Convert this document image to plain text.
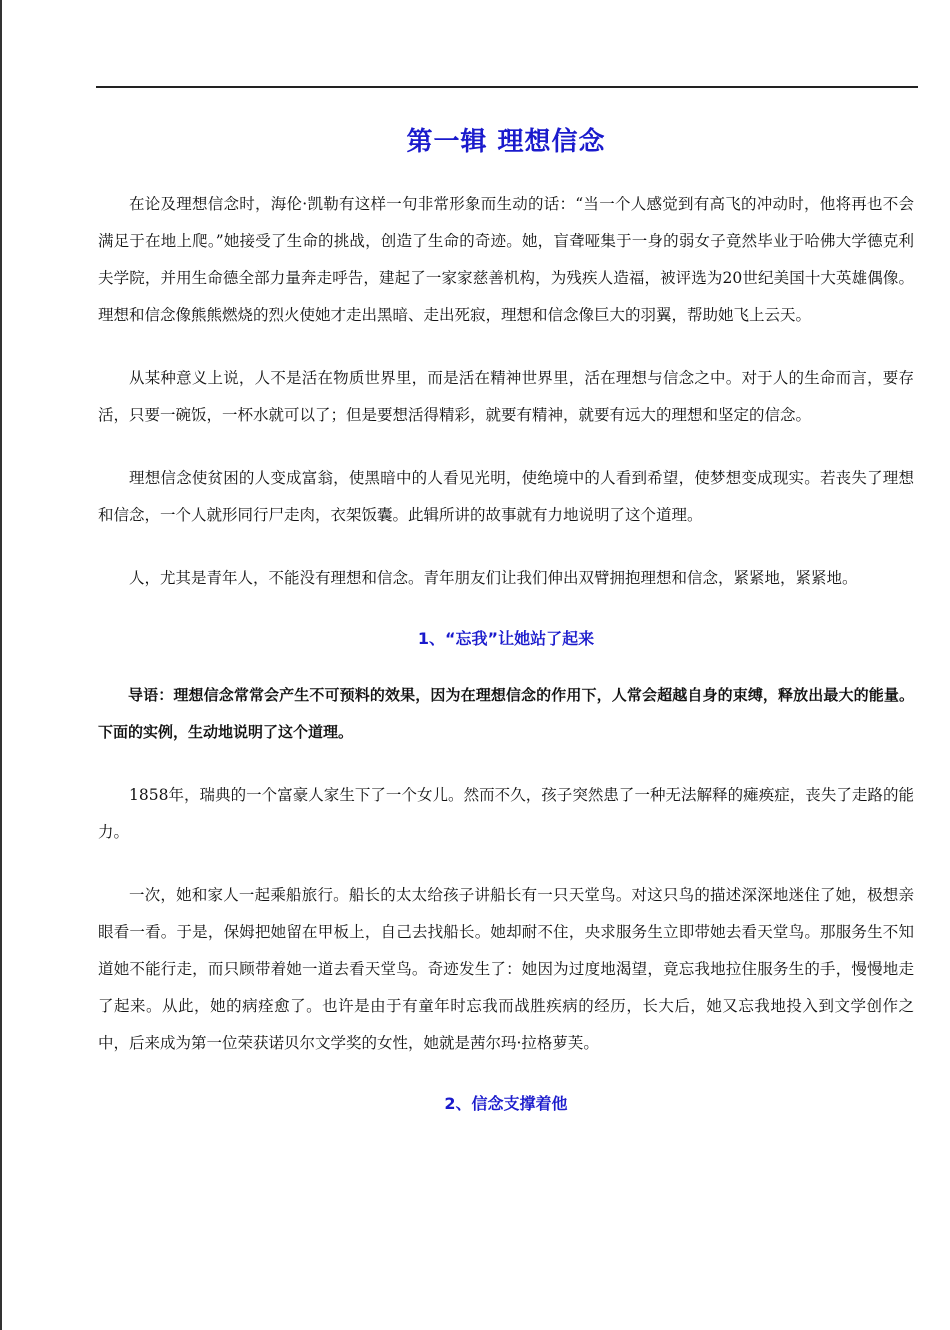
第一辑 理想信念

在论及理想信念时，海伦·凯勒有这样一句非常形象而生动的话：“当一个人感觉到有高飞的冲动时，他将再也不会满足于在地上爬。”她接受了生命的挑战，创造了生命的奇迹。她，盲聋哑集于一身的弱女子竟然毕业于哈佛大学德克利夫学院，并用生命德全部力量奔走呼告，建起了一家家慈善机构，为残疾人造福，被评选为20世纪美国十大英雄偶像。理想和信念像熊熊燃烧的烈火使她才走出黑暗、走出死寂，理想和信念像巨大的羽翼，帮助她飞上云天。

从某种意义上说，人不是活在物质世界里，而是活在精神世界里，活在理想与信念之中。对于人的生命而言，要存活，只要一碗饭，一杯水就可以了；但是要想活得精彩，就要有精神，就要有远大的理想和坚定的信念。

理想信念使贫困的人变成富翁，使黑暗中的人看见光明，使绝境中的人看到希望，使梦想变成现实。若丧失了理想和信念，一个人就形同行尸走肉，衣架饭囊。此辑所讲的故事就有力地说明了这个道理。

人，尤其是青年人，不能没有理想和信念。青年朋友们让我们伸出双臂拥抱理想和信念，紧紧地，紧紧地。

1、“忘我”让她站了起来

导语：理想信念常常会产生不可预料的效果，因为在理想信念的作用下，人常会超越自身的束缚，释放出最大的能量。下面的实例，生动地说明了这个道理。

1858年，瑞典的一个富豪人家生下了一个女儿。然而不久，孩子突然患了一种无法解释的瘫痪症，丧失了走路的能力。

一次，她和家人一起乘船旅行。船长的太太给孩子讲船长有一只天堂鸟。对这只鸟的描述深深地迷住了她，极想亲眼看一看。于是，保姆把她留在甲板上，自己去找船长。她却耐不住，央求服务生立即带她去看天堂鸟。那服务生不知道她不能行走，而只顾带着她一道去看天堂鸟。奇迹发生了：她因为过度地渴望，竟忘我地拉住服务生的手，慢慢地走了起来。从此，她的病痊愈了。也许是由于有童年时忘我而战胜疾病的经历，长大后，她又忘我地投入到文学创作之中，后来成为第一位荣获诺贝尔文学奖的女性，她就是茜尔玛·拉格萝芙。

2、信念支撑着他
